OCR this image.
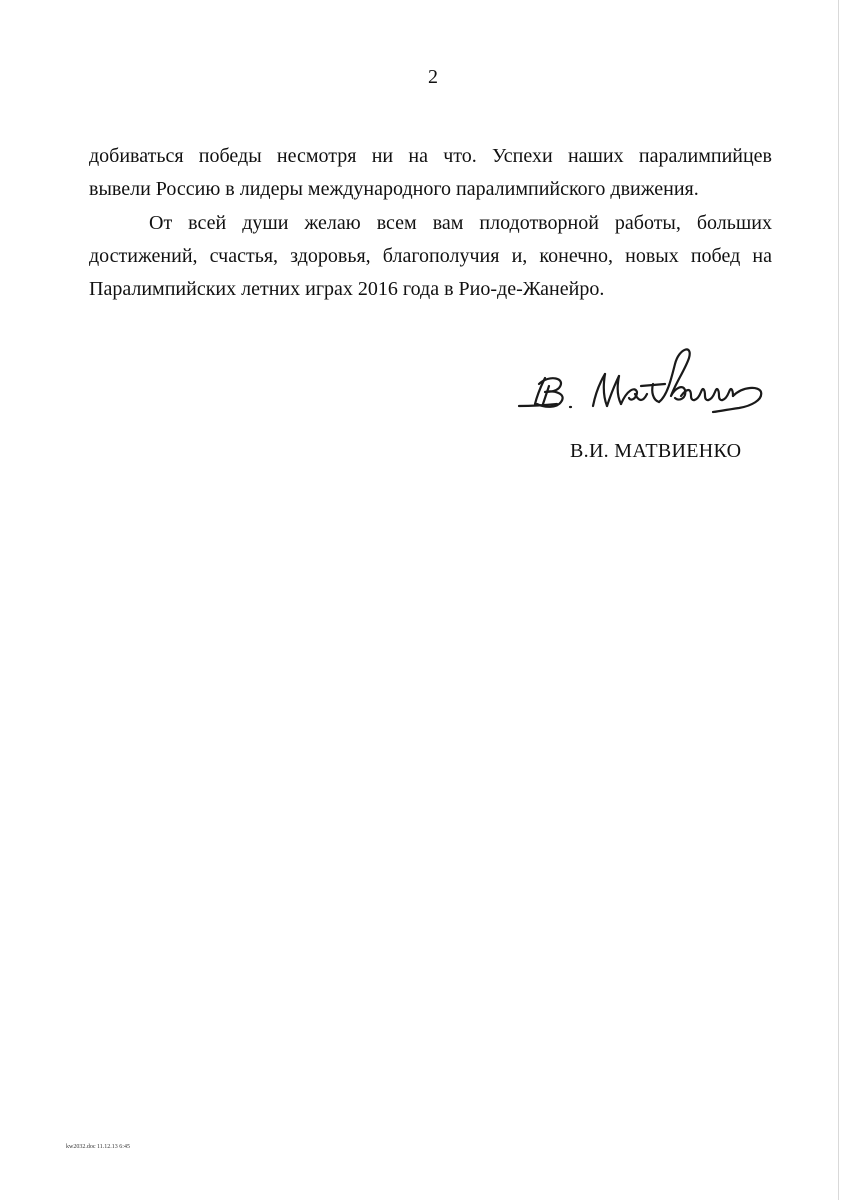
2
добиваться победы несмотря ни на что. Успехи наших паралимпийцев
вывели Россию в лидеры международного паралимпийского движения.
От всей души желаю всем вам плодотворной работы, больших
достижений, счастья, здоровья, благополучия и, конечно, новых побед на
Паралимпийских летних играх 2016 года в Рио-де-Жанейро.
В.И. МАТВИЕНКО
kw2032.doc 11.12.13 6:45
